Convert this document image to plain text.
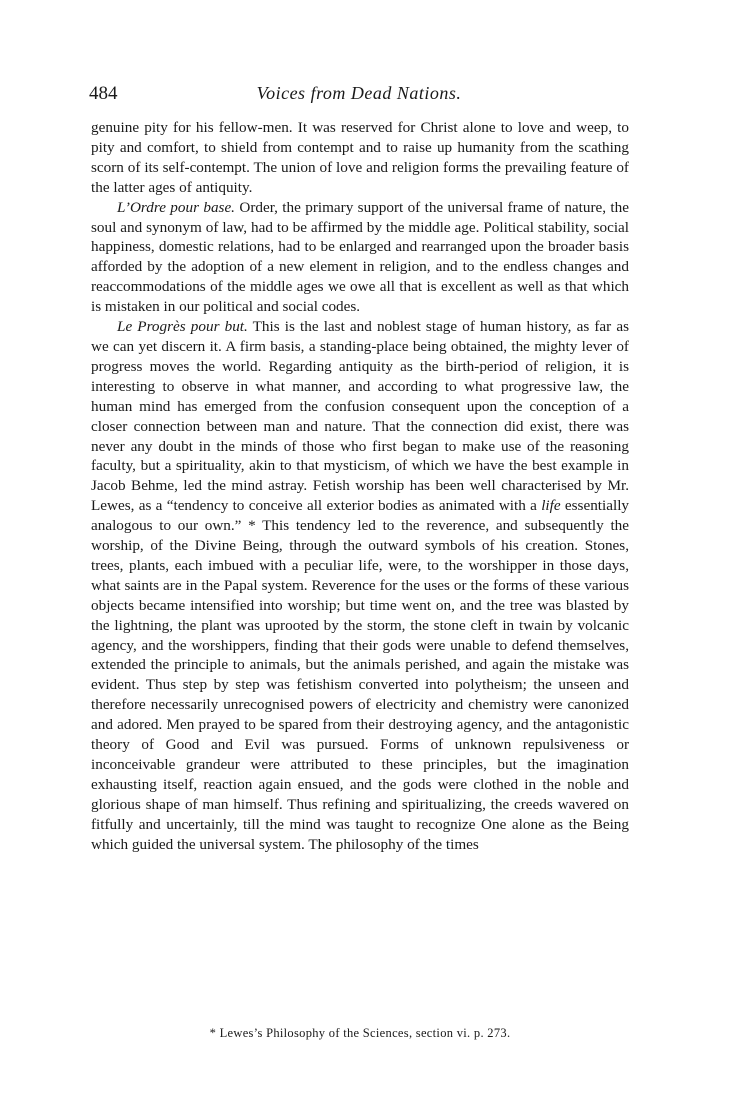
484	Voices from Dead Nations.

genuine pity for his fellow-men. It was reserved for Christ alone to love and weep, to pity and comfort, to shield from contempt and to raise up humanity from the scathing scorn of its self-contempt. The union of love and religion forms the prevailing feature of the latter ages of antiquity.

L’Ordre pour base. Order, the primary support of the universal frame of nature, the soul and synonym of law, had to be affirmed by the middle age. Political stability, social happiness, domestic relations, had to be enlarged and rearranged upon the broader basis afforded by the adoption of a new element in religion, and to the endless changes and reaccommodations of the middle ages we owe all that is excellent as well as that which is mistaken in our political and social codes.

Le Progrès pour but. This is the last and noblest stage of human history, as far as we can yet discern it. A firm basis, a standing-place being obtained, the mighty lever of progress moves the world. Regarding antiquity as the birth-period of religion, it is interesting to observe in what manner, and according to what progressive law, the human mind has emerged from the confusion consequent upon the conception of a closer connection between man and nature. That the connection did exist, there was never any doubt in the minds of those who first began to make use of the reasoning faculty, but a spirituality, akin to that mysticism, of which we have the best example in Jacob Behme, led the mind astray. Fetish worship has been well characterised by Mr. Lewes, as a “tendency to conceive all exterior bodies as animated with a life essentially analogous to our own.” * This tendency led to the reverence, and subsequently the worship, of the Divine Being, through the outward symbols of his creation. Stones, trees, plants, each imbued with a peculiar life, were, to the worshipper in those days, what saints are in the Papal system. Reverence for the uses or the forms of these various objects became intensified into worship; but time went on, and the tree was blasted by the lightning, the plant was uprooted by the storm, the stone cleft in twain by volcanic agency, and the worshippers, finding that their gods were unable to defend themselves, extended the principle to animals, but the animals perished, and again the mistake was evident. Thus step by step was fetishism converted into polytheism; the unseen and therefore necessarily unrecognised powers of electricity and chemistry were canonized and adored. Men prayed to be spared from their destroying agency, and the antagonistic theory of Good and Evil was pursued. Forms of unknown repulsiveness or inconceivable grandeur were attributed to these principles, but the imagination exhausting itself, reaction again ensued, and the gods were clothed in the noble and glorious shape of man himself. Thus refining and spiritualizing, the creeds wavered on fitfully and uncertainly, till the mind was taught to recognize One alone as the Being which guided the universal system. The philosophy of the times

* Lewes’s Philosophy of the Sciences, section vi. p. 273.
